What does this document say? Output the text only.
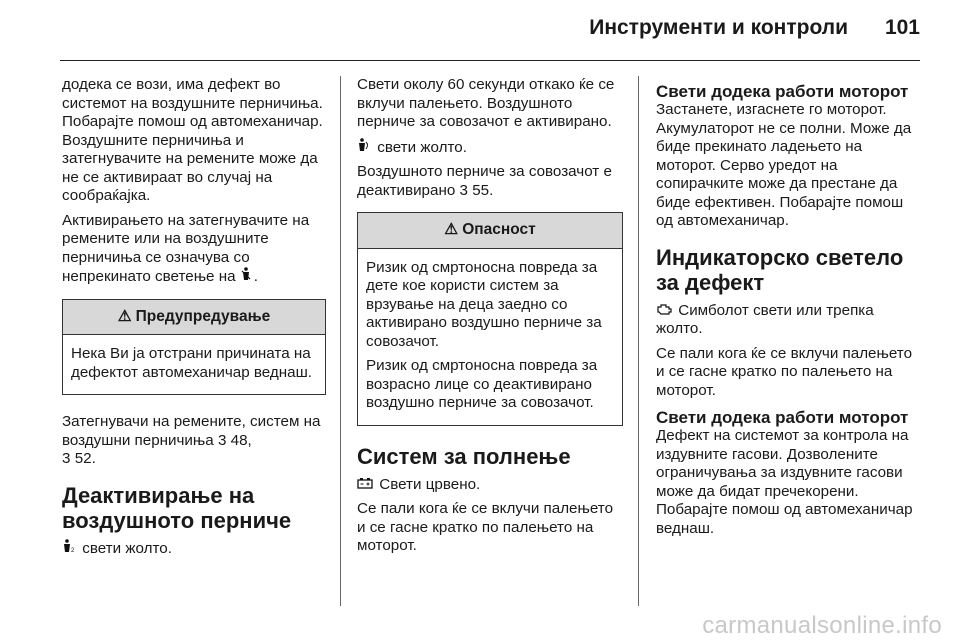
Инструменти и контроли 101

додека се вози, има дефект во системот на воздушните перничиња. Побарајте помош од автомеханичар. Воздушните перничиња и затегнувачите на ремените може да не се активираат во случај на сообраќајка.

Активирањето на затегнувачите на ремените или на воздушните перничиња се означува со непрекинато светење на .

⚠ Предупредување

Нека Ви ја отстрани причината на дефектот автомеханичар веднаш.

Затегнувачи на ремените, систем на воздушни перничиња 3 48,
3 52.

Деактивирање на воздушното перниче

2 свети жолто.

Свети околу 60 секунди откако ќе се вклучи палењето. Воздушното перниче за совозачот е активирано.

свети жолто.

Воздушното перниче за совозачот е деактивирано 3 55.

⚠ Опасност

Ризик од смртоносна повреда за дете кое користи систем за врзување на деца заедно со активирано воздушно перниче за совозачот.

Ризик од смртоносна повреда за возрасно лице со деактивирано воздушно перниче за совозачот.

Систем за полнење

Свети црвено.

Се пали кога ќе се вклучи палењето и се гасне кратко по палењето на моторот.

Свети додека работи моторот

Застанете, изгаснете го моторот. Акумулаторот не се полни. Може да биде прекинато ладењето на моторот. Серво уредот на сопирачките може да престане да биде ефективен. Побарајте помош од автомеханичар.

Индикаторско светело за дефект

Симболот свети или трепка жолто.

Се пали кога ќе се вклучи палењето и се гасне кратко по палењето на моторот.

Свети додека работи моторот

Дефект на системот за контрола на издувните гасови. Дозволените ограничувања за издувните гасови може да бидат пречекорени. Побарајте помош од автомеханичар веднаш.

carmanualsonline.info
